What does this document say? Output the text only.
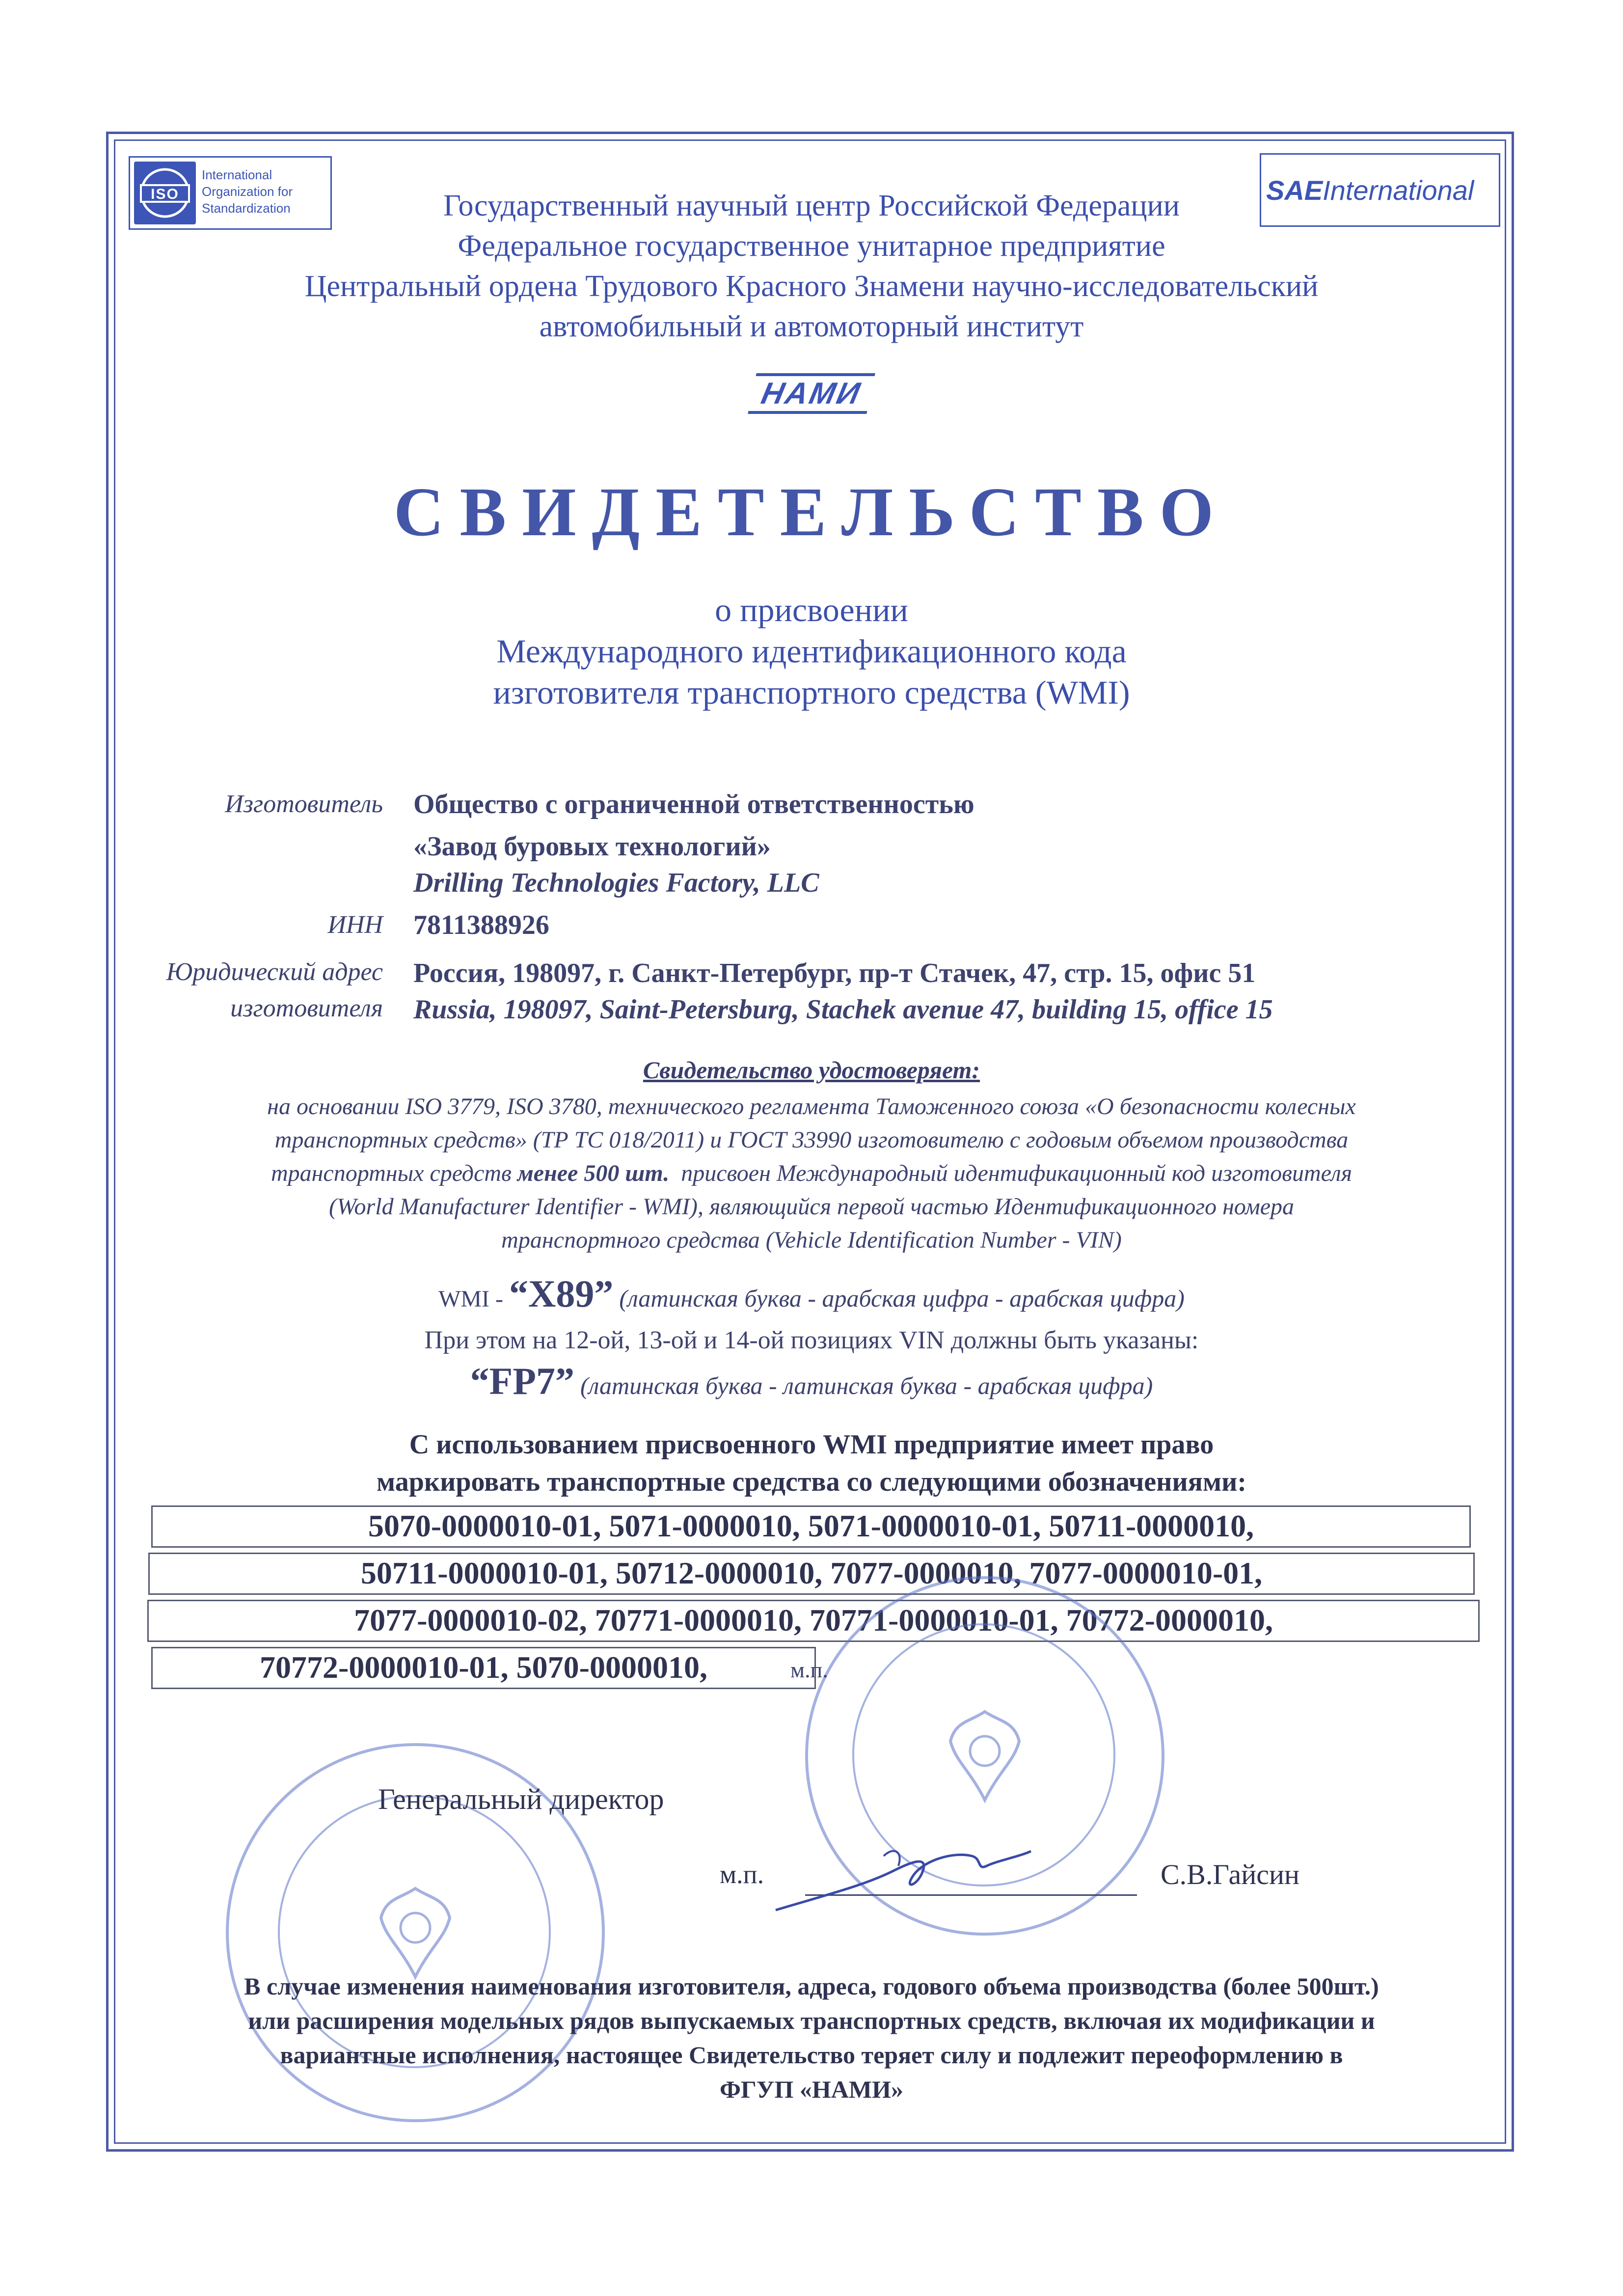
ISO
International
Organization for
Standardization
SAEInternational
Государственный научный центр Российской Федерации
Федеральное государственное унитарное предприятие
Центральный ордена Трудового Красного Знамени научно-исследовательский
автомобильный и автомоторный институт
НАМИ
СВИДЕТЕЛЬСТВО
о присвоении
Международного идентификационного кода
изготовителя транспортного средства (WMI)
Изготовитель Общество с ограниченной ответственностью
«Завод буровых технологий»
Drilling Technologies Factory, LLC
ИНН 7811388926
Юридический адрес
изготовителя
Россия, 198097, г. Санкт-Петербург, пр-т Стачек, 47, стр. 15, офис 51
Russia, 198097, Saint-Petersburg, Stachek avenue 47, building 15, office 15
Свидетельство удостоверяет:
на основании ISO 3779, ISO 3780, технического регламента Таможенного союза «О безопасности колесных
транспортных средств» (ТР ТС 018/2011) и ГОСТ 33990 изготовителю с годовым объемом производства
транспортных средств менее 500 шт. присвоен Международный идентификационный код изготовителя
(World Manufacturer Identifier - WMI), являющийся первой частью Идентификационного номера
транспортного средства (Vehicle Identification Number - VIN)
WMI - “X89” (латинская буква - арабская цифра - арабская цифра)
При этом на 12-ой, 13-ой и 14-ой позициях VIN должны быть указаны:
“FP7” (латинская буква - латинская буква - арабская цифра)
С использованием присвоенного WMI предприятие имеет право
маркировать транспортные средства со следующими обозначениями:
5070-0000010-01, 5071-0000010, 5071-0000010-01, 50711-0000010,
50711-0000010-01, 50712-0000010, 7077-0000010, 7077-0000010-01,
7077-0000010-02, 70771-0000010, 70771-0000010-01, 70772-0000010,
70772-0000010-01, 5070-0000010,	м.п.
Генеральный директор
м.п.	С.В.Гайсин
В случае изменения наименования изготовителя, адреса, годового объема производства (более 500шт.)
или расширения модельных рядов выпускаемых транспортных средств, включая их модификации и
вариантные исполнения, настоящее Свидетельство теряет силу и подлежит переоформлению в
ФГУП «НАМИ»
